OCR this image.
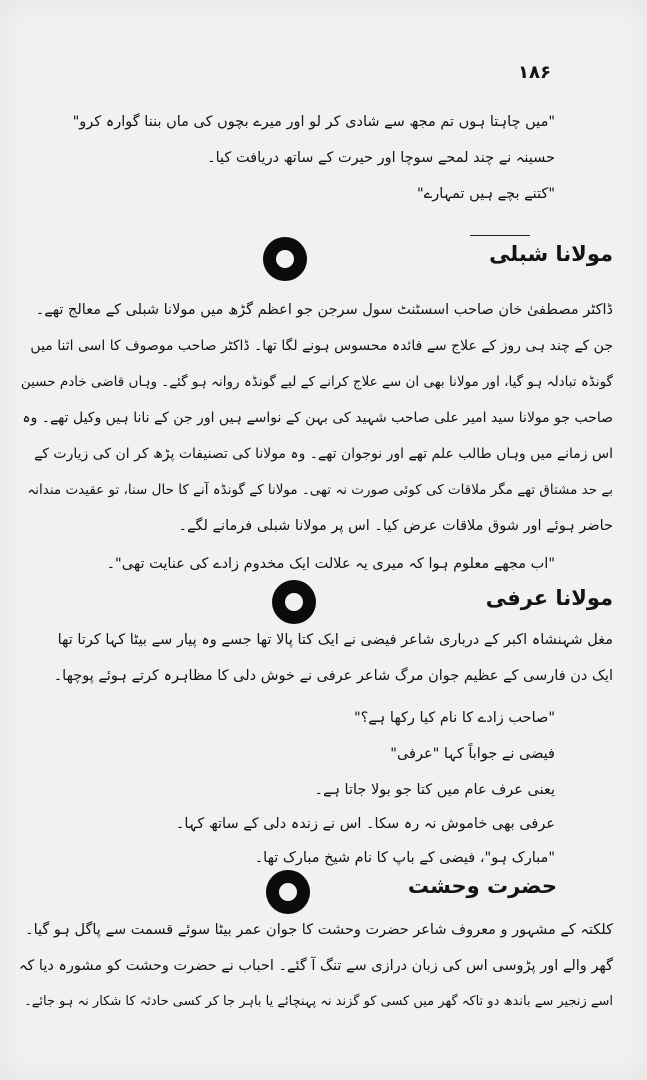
۱۸۶
"میں چاہتا ہوں تم مجھ سے شادی کر لو اور میرے بچوں کی ماں بننا گوارہ کرو"
حسینہ نے چند لمحے سوچا اور حیرت کے ساتھ دریافت کیا۔
"کتنے بچے ہیں تمہارے"
مولانا شبلی
ڈاکٹر مصطفیٰ خان صاحب اسسٹنٹ سول سرجن جو اعظم گڑھ میں مولانا شبلی کے معالج تھے۔
جن کے چند ہی روز کے علاج سے فائدہ محسوس ہونے لگا تھا۔ ڈاکٹر صاحب موصوف کا اسی اثنا میں
گونڈہ تبادلہ ہو گیا، اور مولانا بھی ان سے علاج کرانے کے لیے گونڈہ روانہ ہو گئے۔ وہاں قاضی خادم حسین
صاحب جو مولانا سید امیر علی صاحب شہید کی بہن کے نواسے ہیں اور جن کے نانا ہیں وکیل تھے۔ وہ
اس زمانے میں وہاں طالب علم تھے اور نوجوان تھے۔ وہ مولانا کی تصنیفات پڑھ کر ان کی زیارت کے
بے حد مشتاق تھے مگر ملاقات کی کوئی صورت نہ تھی۔ مولانا کے گونڈہ آنے کا حال سنا، تو عقیدت مندانہ
حاضر ہوئے اور شوق ملاقات عرض کیا۔ اس پر مولانا شبلی فرمانے لگے۔
"اب مجھے معلوم ہوا کہ میری یہ علالت ایک مخدوم زادے کی عنایت تھی"۔
مولانا عرفی
مغل شہنشاہ اکبر کے درباری شاعر فیضی نے ایک کتا پالا تھا جسے وہ پیار سے بیٹا کہا کرتا تھا
ایک دن فارسی کے عظیم جوان مرگ شاعر عرفی نے خوش دلی کا مظاہرہ کرتے ہوئے پوچھا۔
"صاحب زادے کا نام کیا رکھا ہے؟"
فیضی نے جواباً کہا "عرفی"
یعنی عرف عام میں کتا جو بولا جاتا ہے۔
عرفی بھی خاموش نہ رہ سکا۔ اس نے زندہ دلی کے ساتھ کہا۔
"مبارک ہو"، فیضی کے باپ کا نام شیخ مبارک تھا۔
حضرت وحشت
کلکتہ کے مشہور و معروف شاعر حضرت وحشت کا جوان عمر بیٹا سوئے قسمت سے پاگل ہو گیا۔
گھر والے اور پڑوسی اس کی زبان درازی سے تنگ آ گئے۔ احباب نے حضرت وحشت کو مشورہ دیا کہ
اسے زنجیر سے باندھ دو تاکہ گھر میں کسی کو گزند نہ پہنچائے یا باہر جا کر کسی حادثہ کا شکار نہ ہو جائے۔
